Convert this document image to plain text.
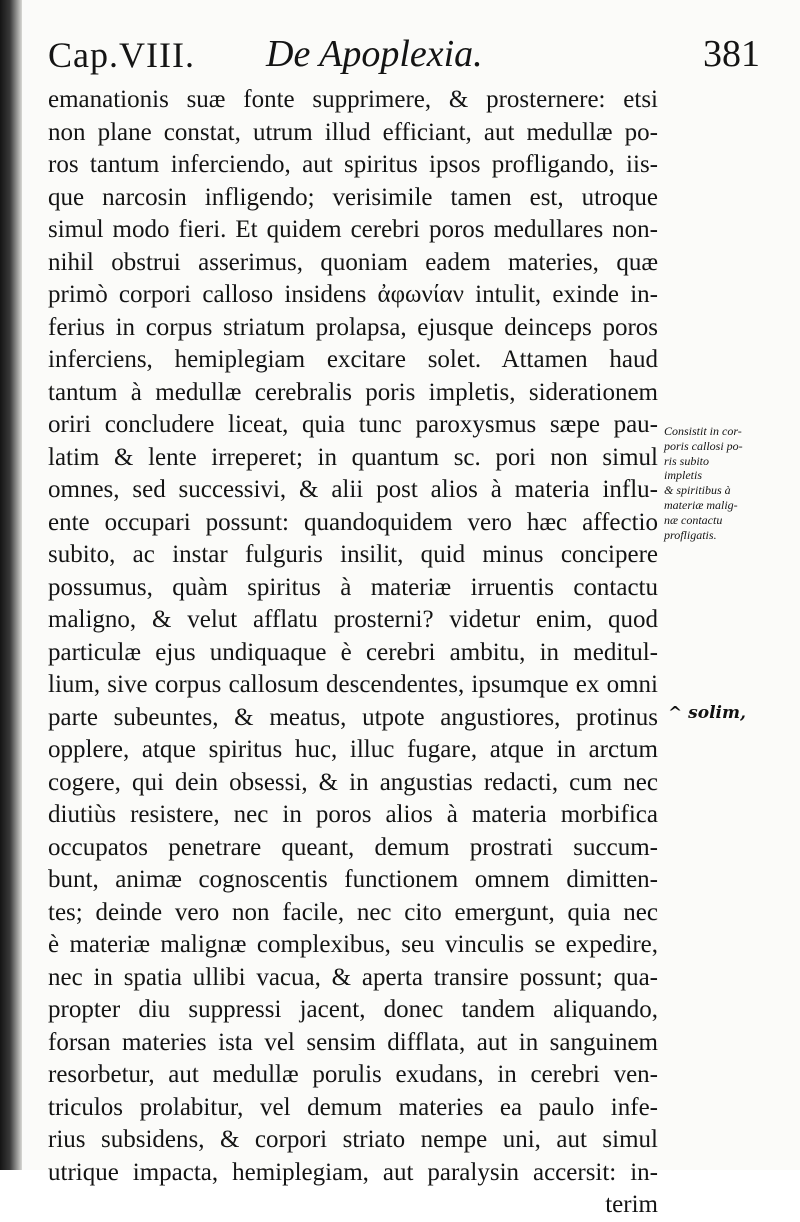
Cap.VIII. De Apoplexia.	381
emanationis suæ fonte supprimere, & prosternere: etsi
non plane constat, utrum illud efficiant, aut medullæ po-
ros tantum inferciendo, aut spiritus ipsos profligando, iis-
que narcosin infligendo; verisimile tamen est, utroque
simul modo fieri. Et quidem cerebri poros medullares non-
nihil obstrui asserimus, quoniam eadem materies, quæ
primò corpori calloso insidens ἀφωνίαν intulit, exinde in-
ferius in corpus striatum prolapsa, ejusque deinceps poros
inferciens, hemiplegiam excitare solet. Attamen haud
tantum à medullæ cerebralis poris impletis, siderationem
oriri concludere liceat, quia tunc paroxysmus sæpe pau-
latim & lente irreperet; in quantum sc. pori non simul
omnes, sed successivi, & alii post alios à materia influ-
ente occupari possunt: quandoquidem vero hæc affectio
subito, ac instar fulguris insilit, quid minus concipere
possumus, quàm spiritus à materiæ irruentis contactu
maligno, & velut afflatu prosterni? videtur enim, quod
particulæ ejus undiquaque è cerebri ambitu, in meditul-
lium, sive corpus callosum descendentes, ipsumque ex omni
parte subeuntes, & meatus, utpote angustiores, protinus
opplere, atque spiritus huc, illuc fugare, atque in arctum
cogere, qui dein obsessi, & in angustias redacti, cum nec
diutiùs resistere, nec in poros alios à materia morbifica
occupatos penetrare queant, demum prostrati succum-
bunt, animæ cognoscentis functionem omnem dimitten-
tes; deinde vero non facile, nec cito emergunt, quia nec
è materiæ malignæ complexibus, seu vinculis se expedire,
nec in spatia ullibi vacua, & aperta transire possunt; qua-
propter diu suppressi jacent, donec tandem aliquando,
forsan materies ista vel sensim difflata, aut in sanguinem
resorbetur, aut medullæ porulis exudans, in cerebri ven-
triculos prolabitur, vel demum materies ea paulo infe-
rius subsidens, & corpori striato nempe uni, aut simul
utrique impacta, hemiplegiam, aut paralysin accersit: in-
terim
Consistit in cor-
poris callosi po-
ris subito
impletis
& spiritibus à
materiæ malig-
næ contactu
profligatis.
^ solim,
